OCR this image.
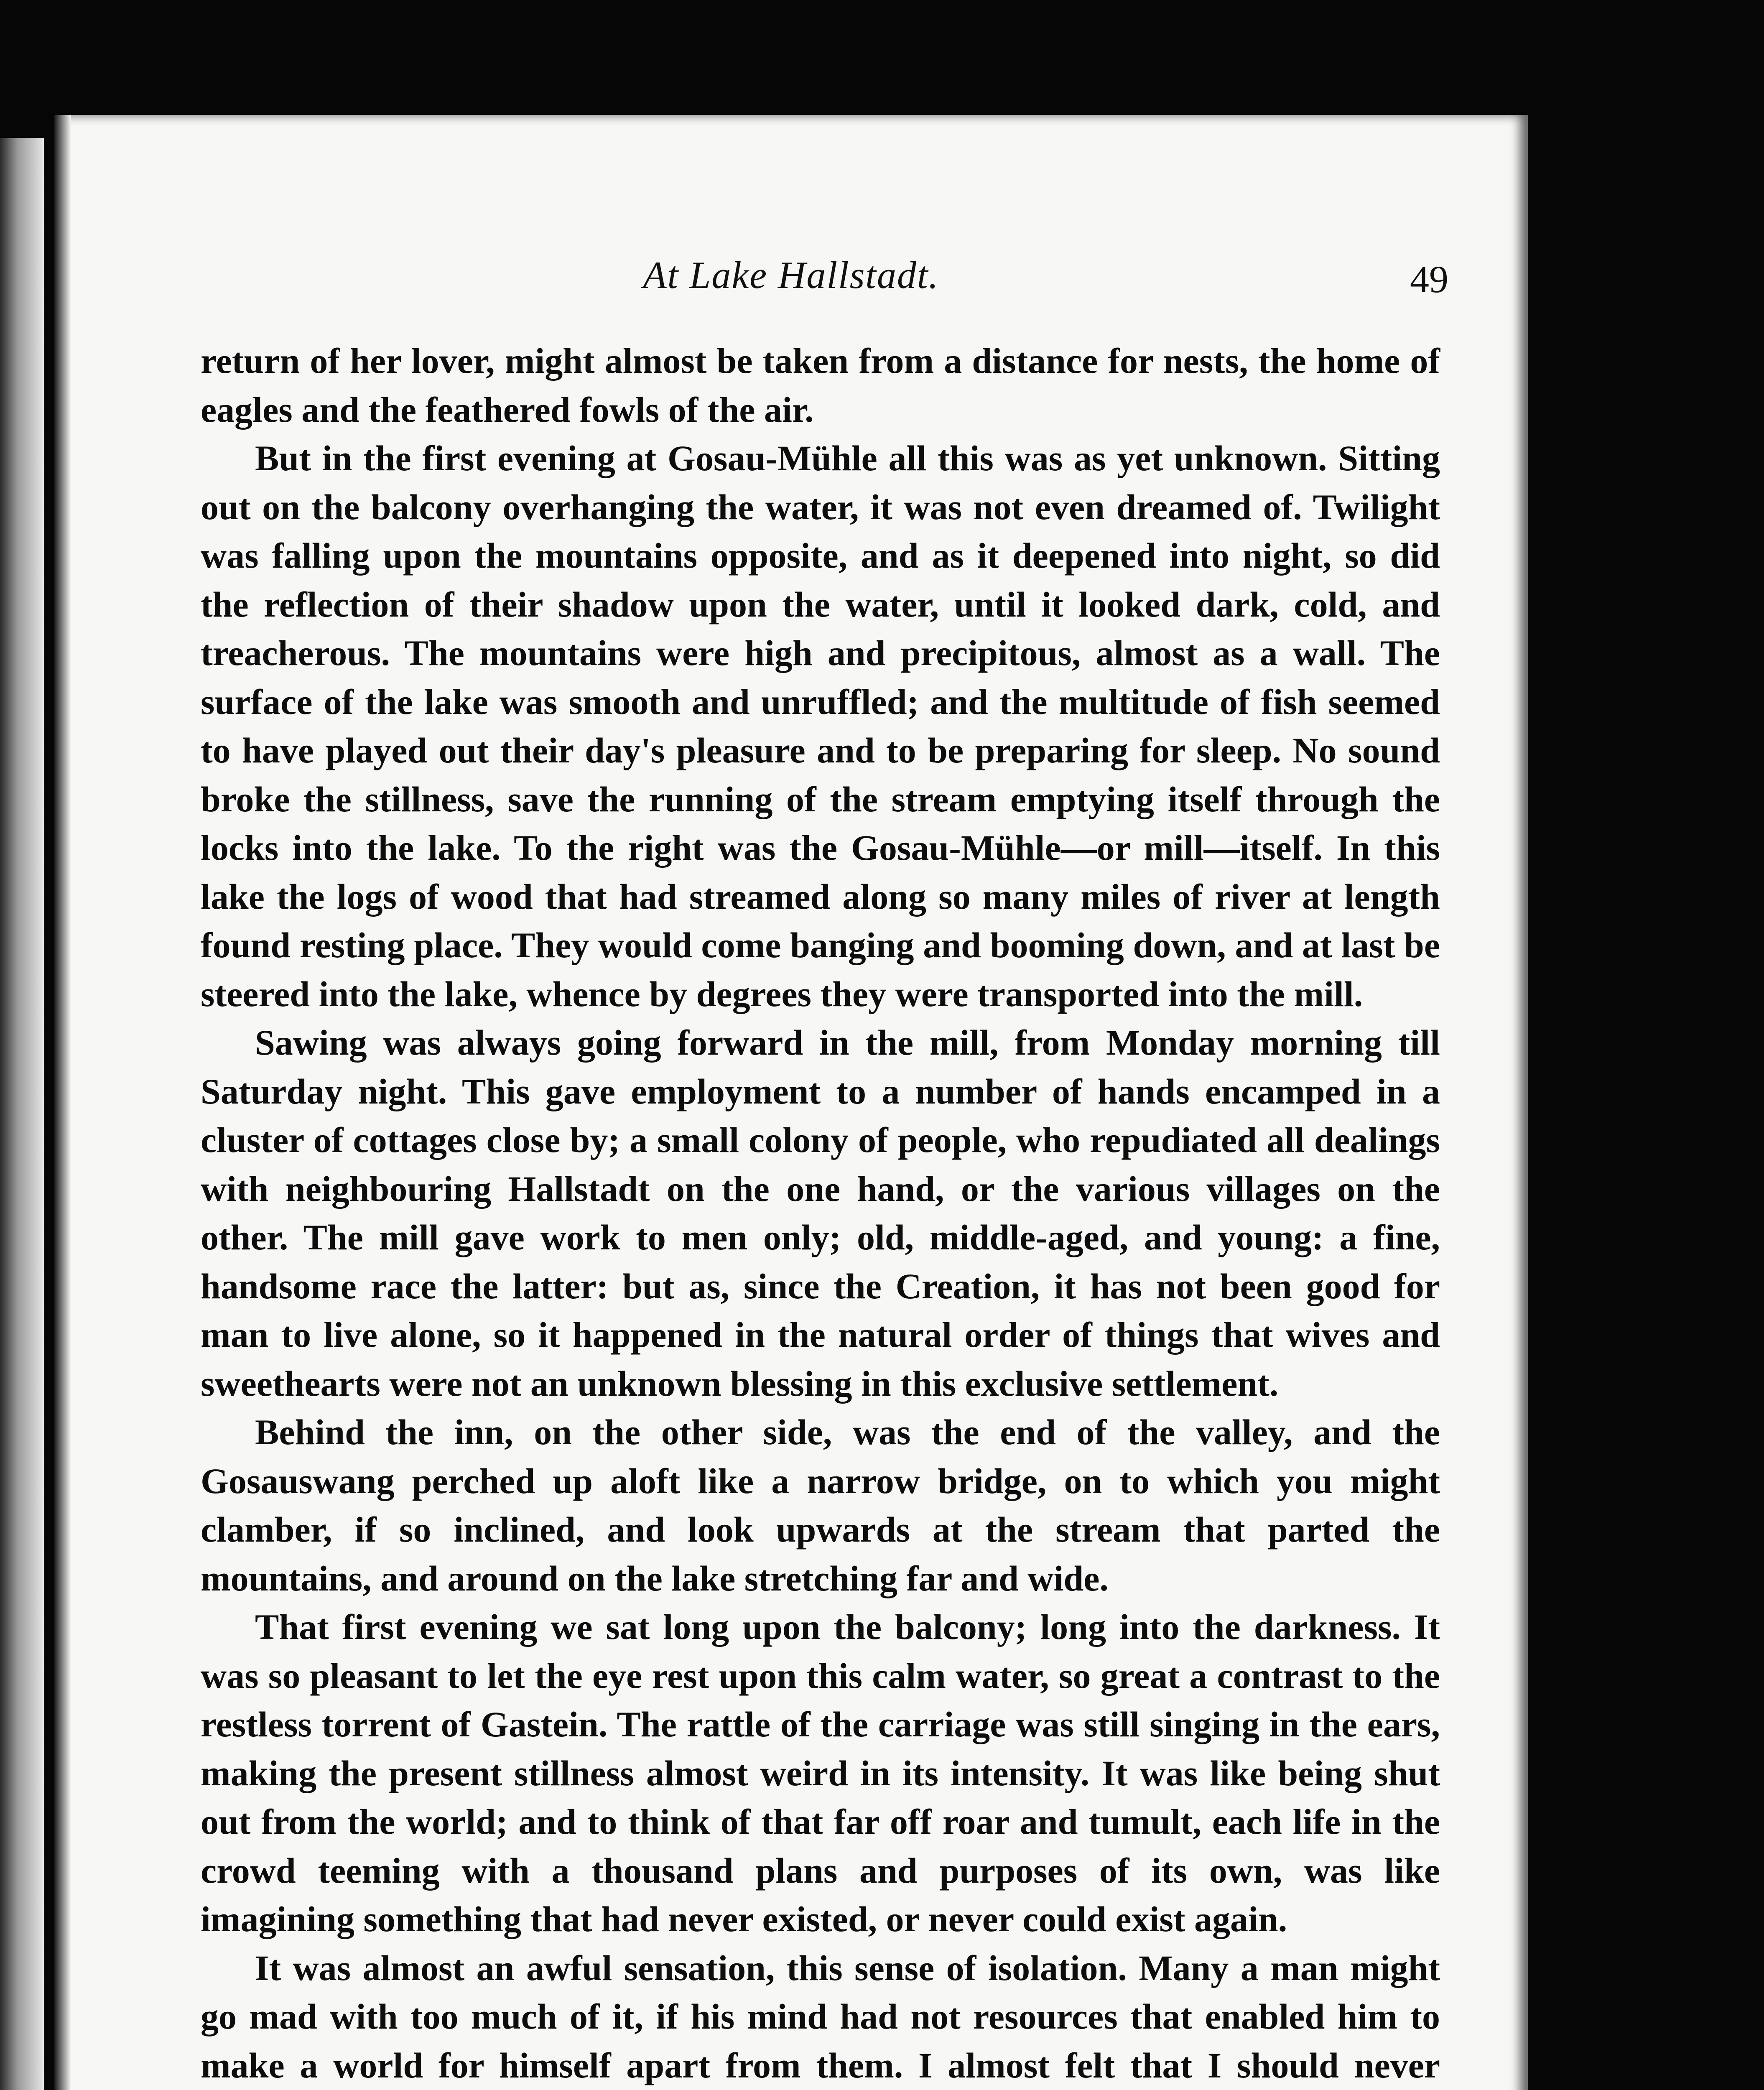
At Lake Hallstadt.	49

return of her lover, might almost be taken from a distance for nests, the home of eagles and the feathered fowls of the air.

But in the first evening at Gosau-Mühle all this was as yet unknown. Sitting out on the balcony overhanging the water, it was not even dreamed of. Twilight was falling upon the mountains opposite, and as it deepened into night, so did the reflection of their shadow upon the water, until it looked dark, cold, and treacherous. The mountains were high and precipitous, almost as a wall. The surface of the lake was smooth and unruffled; and the multitude of fish seemed to have played out their day's pleasure and to be preparing for sleep. No sound broke the stillness, save the running of the stream emptying itself through the locks into the lake. To the right was the Gosau-Mühle—or mill—itself. In this lake the logs of wood that had streamed along so many miles of river at length found resting place. They would come banging and booming down, and at last be steered into the lake, whence by degrees they were transported into the mill.

Sawing was always going forward in the mill, from Monday morning till Saturday night. This gave employment to a number of hands encamped in a cluster of cottages close by; a small colony of people, who repudiated all dealings with neighbouring Hallstadt on the one hand, or the various villages on the other. The mill gave work to men only; old, middle-aged, and young: a fine, handsome race the latter: but as, since the Creation, it has not been good for man to live alone, so it happened in the natural order of things that wives and sweethearts were not an unknown blessing in this exclusive settlement.

Behind the inn, on the other side, was the end of the valley, and the Gosauswang perched up aloft like a narrow bridge, on to which you might clamber, if so inclined, and look upwards at the stream that parted the mountains, and around on the lake stretching far and wide.

That first evening we sat long upon the balcony; long into the darkness. It was so pleasant to let the eye rest upon this calm water, so great a contrast to the restless torrent of Gastein. The rattle of the carriage was still singing in the ears, making the present stillness almost weird in its intensity. It was like being shut out from the world; and to think of that far off roar and tumult, each life in the crowd teeming with a thousand plans and purposes of its own, was like imagining something that had never existed, or never could exist again.

It was almost an awful sensation, this sense of isolation. Many a man might go mad with too much of it, if his mind had not resources that enabled him to make a world for himself apart from them. I almost felt that I should never
